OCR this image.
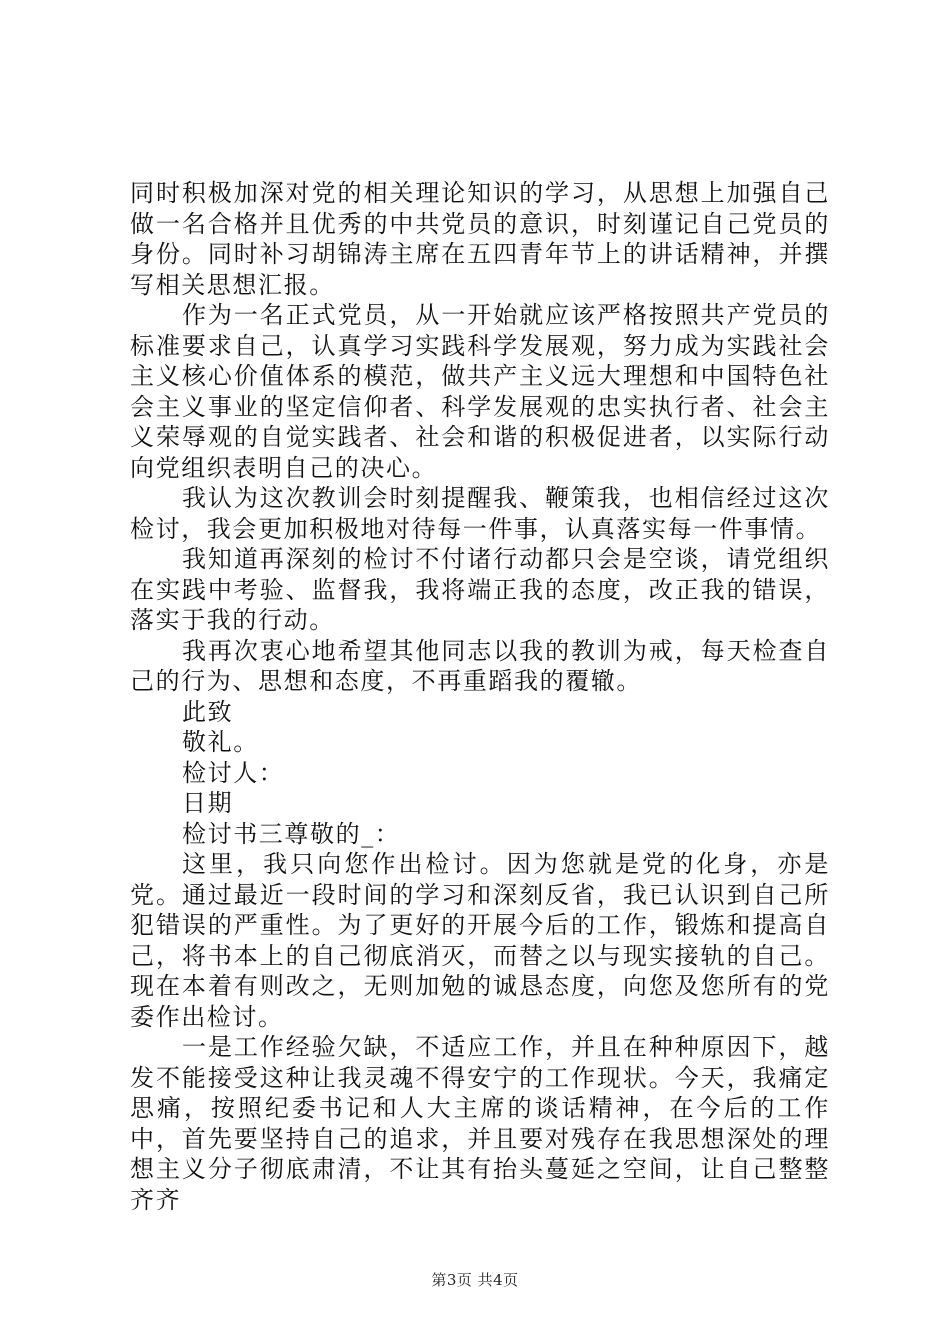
同时积极加深对党的相关理论知识的学习，从思想上加强自己做一名合格并且优秀的中共党员的意识，时刻谨记自己党员的身份。同时补习胡锦涛主席在五四青年节上的讲话精神，并撰写相关思想汇报。

作为一名正式党员，从一开始就应该严格按照共产党员的标准要求自己，认真学习实践科学发展观，努力成为实践社会主义核心价值体系的模范，做共产主义远大理想和中国特色社会主义事业的坚定信仰者、科学发展观的忠实执行者、社会主义荣辱观的自觉实践者、社会和谐的积极促进者，以实际行动向党组织表明自己的决心。

我认为这次教训会时刻提醒我、鞭策我，也相信经过这次检讨，我会更加积极地对待每一件事，认真落实每一件事情。

我知道再深刻的检讨不付诸行动都只会是空谈，请党组织在实践中考验、监督我，我将端正我的态度，改正我的错误，落实于我的行动。

我再次衷心地希望其他同志以我的教训为戒，每天检查自己的行为、思想和态度，不再重蹈我的覆辙。

此致

敬礼。

检讨人：

日期

检讨书三尊敬的_：

这里，我只向您作出检讨。因为您就是党的化身，亦是党。通过最近一段时间的学习和深刻反省，我已认识到自己所犯错误的严重性。为了更好的开展今后的工作，锻炼和提高自己，将书本上的自己彻底消灭，而替之以与现实接轨的自己。现在本着有则改之，无则加勉的诚恳态度，向您及您所有的党委作出检讨。

一是工作经验欠缺，不适应工作，并且在种种原因下，越发不能接受这种让我灵魂不得安宁的工作现状。今天，我痛定思痛，按照纪委书记和人大主席的谈话精神，在今后的工作中，首先要坚持自己的追求，并且要对残存在我思想深处的理想主义分子彻底肃清，不让其有抬头蔓延之空间，让自己整整齐齐

第3页 共4页
